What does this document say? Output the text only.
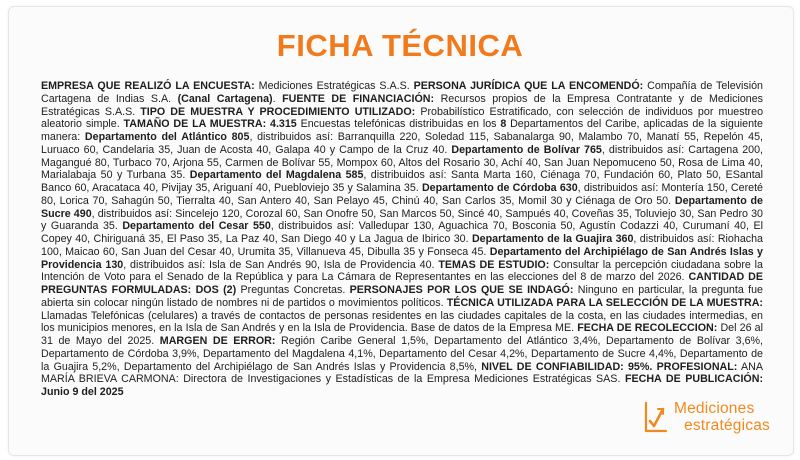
FICHA TÉCNICA
EMPRESA QUE REALIZÓ LA ENCUESTA: Mediciones Estratégicas S.A.S. PERSONA JURÍDICA QUE LA ENCOMENDÓ: Compañía de Televisión Cartagena de Indias S.A. (Canal Cartagena). FUENTE DE FINANCIACIÓN: Recursos propios de la Empresa Contratante y de Mediciones Estratégicas S.A.S. TIPO DE MUESTRA Y PROCEDIMIENTO UTILIZADO: Probabilístico Estratificado, con selección de individuos por muestreo aleatorio simple. TAMAÑO DE LA MUESTRA: 4.315 Encuestas telefónicas distribuidas en los 8 Departamentos del Caribe, aplicadas de la siguiente manera: Departamento del Atlántico 805, distribuidos así: Barranquilla 220, Soledad 115, Sabanalarga 90, Malambo 70, Manatí 55, Repelón 45, Luruaco 60, Candelaria 35, Juan de Acosta 40, Galapa 40 y Campo de la Cruz 40. Departamento de Bolívar 765, distribuidos así: Cartagena 200, Magangué 80, Turbaco 70, Arjona 55, Carmen de Bolívar 55, Mompox 60, Altos del Rosario 30, Achí 40, San Juan Nepomuceno 50, Rosa de Lima 40, Marialabaja 50 y Turbana 35. Departamento del Magdalena 585, distribuidos así: Santa Marta 160, Ciénaga 70, Fundación 60, Plato 50, ESantal Banco 60, Aracataca 40, Pivijay 35, Ariguaní 40, Puebloviejo 35 y Salamina 35. Departamento de Córdoba 630, distribuidos así: Montería 150, Cereté 80, Lorica 70, Sahagún 50, Tierralta 40, San Antero 40, San Pelayo 45, Chinú 40, San Carlos 35, Momil 30 y Ciénaga de Oro 50. Departamento de Sucre 490, distribuidos así: Sincelejo 120, Corozal 60, San Onofre 50, San Marcos 50, Sincé 40, Sampués 40, Coveñas 35, Toluviejo 30, San Pedro 30 y Guaranda 35. Departamento del Cesar 550, distribuidos así: Valledupar 130, Aguachica 70, Bosconia 50, Agustín Codazzi 40, Curumaní 40, El Copey 40, Chiriguaná 35, El Paso 35, La Paz 40, San Diego 40 y La Jagua de Ibirico 30. Departamento de la Guajira 360, distribuidos así: Riohacha 100, Maicao 60, San Juan del Cesar 40, Urumita 35, Villanueva 45, Dibulla 35 y Fonseca 45. Departamento del Archipiélago de San Andrés Islas y Providencia 130, distribuidos así: Isla de San Andrés 90, Isla de Providencia 40. TEMAS DE ESTUDIO: Consultar la percepción ciudadana sobre la Intención de Voto para el Senado de la República y para La Cámara de Representantes en las elecciones del 8 de marzo del 2026. CANTIDAD DE PREGUNTAS FORMULADAS: DOS (2) Preguntas Concretas. PERSONAJES POR LOS QUE SE INDAGÓ: Ninguno en particular, la pregunta fue abierta sin colocar ningún listado de nombres ni de partidos o movimientos políticos. TÉCNICA UTILIZADA PARA LA SELECCIÓN DE LA MUESTRA: Llamadas Telefónicas (celulares) a través de contactos de personas residentes en las ciudades capitales de la costa, en las ciudades intermedias, en los municipios menores, en la Isla de San Andrés y en la Isla de Providencia. Base de datos de la Empresa ME. FECHA DE RECOLECCION: Del 26 al 31 de Mayo del 2025. MARGEN DE ERROR: Región Caribe General 1,5%, Departamento del Atlántico 3,4%, Departamento de Bolívar 3,6%, Departamento de Córdoba 3,9%, Departamento del Magdalena 4,1%, Departamento del Cesar 4,2%, Departamento de Sucre 4,4%, Departamento de la Guajira 5,2%, Departamento del Archipiélago de San Andrés Islas y Providencia 8,5%, NIVEL DE CONFIABILIDAD: 95%. PROFESIONAL: ANA MARÍA BRIEVA CARMONA: Directora de Investigaciones y Estadísticas de la Empresa Mediciones Estratégicas SAS. FECHA DE PUBLICACIÓN: Junio 9 del 2025
Mediciones
estratégicas
